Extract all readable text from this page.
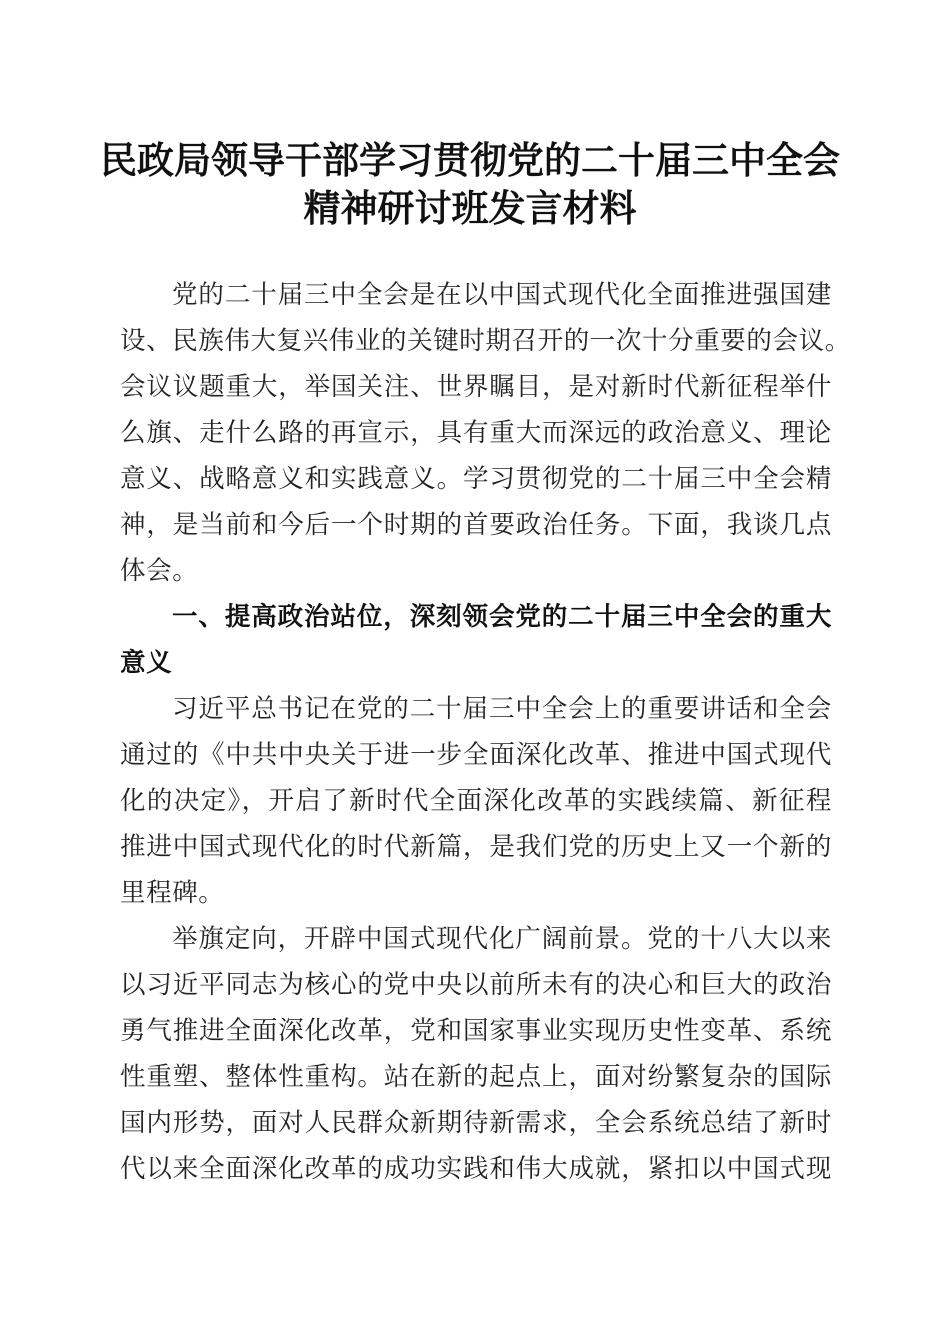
民政局领导干部学习贯彻党的二十届三中全会
精神研讨班发言材料
党的二十届三中全会是在以中国式现代化全面推进强国建
设、民族伟大复兴伟业的关键时期召开的一次十分重要的会议。
会议议题重大，举国关注、世界瞩目，是对新时代新征程举什
么旗、走什么路的再宣示，具有重大而深远的政治意义、理论
意义、战略意义和实践意义。学习贯彻党的二十届三中全会精
神，是当前和今后一个时期的首要政治任务。下面，我谈几点
体会。
一、提高政治站位，深刻领会党的二十届三中全会的重大
意义
习近平总书记在党的二十届三中全会上的重要讲话和全会
通过的《中共中央关于进一步全面深化改革、推进中国式现代
化的决定》，开启了新时代全面深化改革的实践续篇、新征程
推进中国式现代化的时代新篇，是我们党的历史上又一个新的
里程碑。
举旗定向，开辟中国式现代化广阔前景。党的十八大以来
以习近平同志为核心的党中央以前所未有的决心和巨大的政治
勇气推进全面深化改革，党和国家事业实现历史性变革、系统
性重塑、整体性重构。站在新的起点上，面对纷繁复杂的国际
国内形势，面对人民群众新期待新需求，全会系统总结了新时
代以来全面深化改革的成功实践和伟大成就，紧扣以中国式现
